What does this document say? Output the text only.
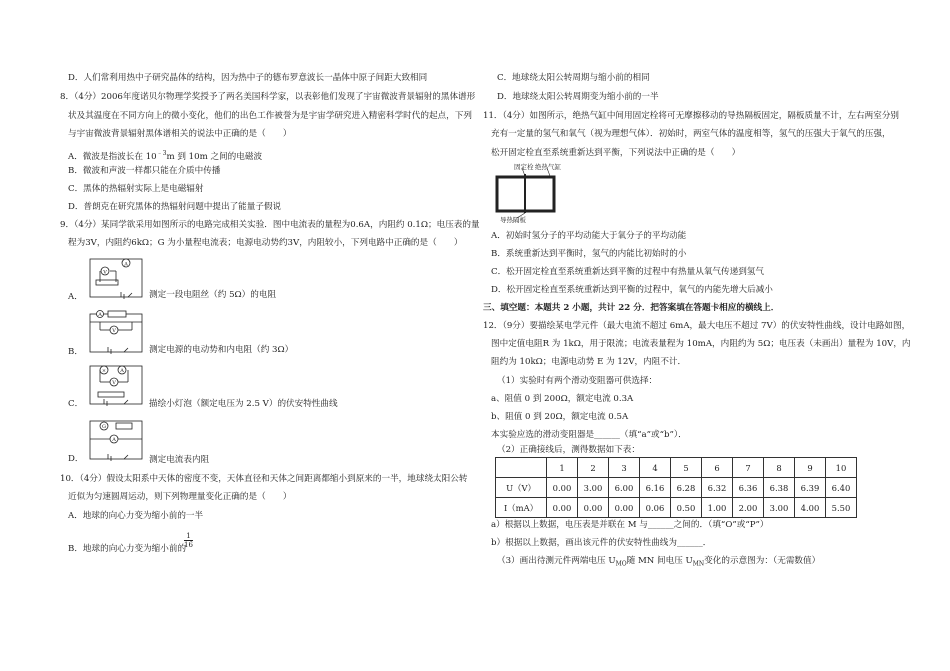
D．人们常利用热中子研究晶体的结构，因为热中子的德布罗意波长一晶体中原子间距大致相同
8．（4分）2006年度诺贝尔物理学奖授予了两名美国科学家，以表彰他们发现了宇宙微波背景辐射的黑体谱形
状及其温度在不同方向上的微小变化，他们的出色工作被誉为是宇宙学研究进入精密科学时代的起点，下列
与宇宙微波背景辐射黑体谱相关的说法中正确的是（　　）
A．微波是指波长在 $10^{﹣3}m$ 到 10m 之间的电磁波
B．微波和声波一样都只能在介质中传播
C．黑体的热辐射实际上是电磁辐射
D．普朗克在研究黑体的热辐射问题中提出了能量子假说
9．（4分）某同学欲采用如图所示的电路完成相关实验．图中电流表的量程为0.6A，内阻约 0.1Ω；电压表的量
程为3V，内阻约6kΩ；G 为小量程电流表；电源电动势约3V，内阻较小，下列电路中正确的是（　　）
A．
A
V
测定一段电阻丝（约 5Ω）的电阻
B．
A
V
测定电源的电动势和内电阻（约 3Ω）
C．
×	A
V
描绘小灯泡（额定电压为 2.5 V）的伏安特性曲线
D．
G
A
测定电流表内阻
10．（4分）假设太阳系中天体的密度不变，天体直径和天体之间距离都缩小到原来的一半，地球绕太阳公转
近似为匀速圆周运动，则下列物理量变化正确的是（　　）
A．地球的向心力变为缩小前的一半
B．地球的向心力变为缩小前的
1
16
C．地球绕太阳公转周期与缩小前的相同
D．地球绕太阳公转周期变为缩小前的一半
11．（4分）如图所示，绝热气缸中间用固定栓将可无摩擦移动的导热隔板固定，隔板质量不计，左右两室分别
充有一定量的氢气和氧气（视为理想气体）．初始时，两室气体的温度相等，氢气的压强大于氧气的压强，
松开固定栓直至系统重新达到平衡，下列说法中正确的是（　　）
固定栓 绝热气缸
导热隔板
A．初始时氢分子的平均动能大于氧分子的平均动能
B．系统重新达到平衡时，氢气的内能比初始时的小
C．松开固定栓直至系统重新达到平衡的过程中有热量从氧气传递到氢气
D．松开固定栓直至系统重新达到平衡的过程中，氧气的内能先增大后减小
三、填空题：本题共 2 小题，共计 22 分．把答案填在答题卡相应的横线上．
12．（9分）要描绘某电学元件（最大电流不超过 6mA，最大电压不超过 7V）的伏安特性曲线，设计电路如图，
图中定值电阻R 为 1kΩ，用于限流；电流表量程为 10mA，内阻约为 5Ω；电压表（未画出）量程为 10V，内
阻约为 10kΩ；电源电动势 E 为 12V，内阻不计．
（1）实验时有两个滑动变阻器可供选择：
a、阻值 0 到 200Ω，额定电流 0.3A
b、阻值 0 到 20Ω，额定电流 0.5A
本实验应选的滑动变阻器是______（填“a”或“b”）．
（2）正确接线后，测得数据如下表：
	1	2	3	4	5	6	7	8	9	10
U（V）	0.00	3.00	6.00	6.16	6.28	6.32	6.36	6.38	6.39	6.40
I（mA）	0.00	0.00	0.00	0.06	0.50	1.00	2.00	3.00	4.00	5.50
a）根据以上数据，电压表是并联在 M 与______之间的．（填“O”或“P”）
b）根据以上数据，画出该元件的伏安特性曲线为______．
（3）画出待测元件两端电压 $U_{MO}$随 MN 间电压 $U_{MN}$变化的示意图为：（无需数值）
